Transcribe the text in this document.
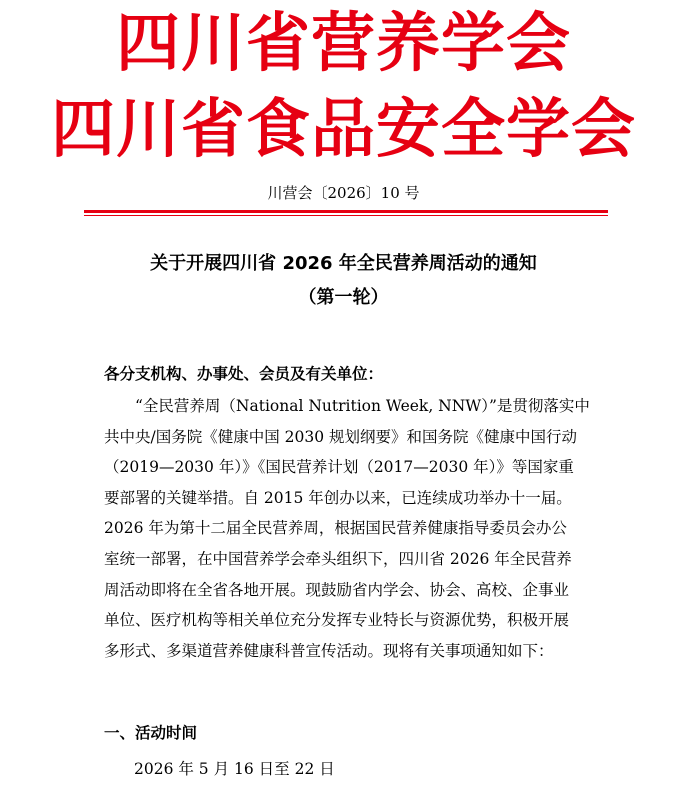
四川省营养学会
四川省食品安全学会
川营会〔2026〕10 号
关于开展四川省 2026 年全民营养周活动的通知
（第一轮）
各分支机构、办事处、会员及有关单位：
“全民营养周（National Nutrition Week, NNW）”是贯彻落实中
共中央/国务院《健康中国 2030 规划纲要》和国务院《健康中国行动
（2019—2030 年）》《国民营养计划（2017—2030 年）》等国家重
要部署的关键举措。自 2015 年创办以来，已连续成功举办十一届。
2026 年为第十二届全民营养周，根据国民营养健康指导委员会办公
室统一部署，在中国营养学会牵头组织下，四川省 2026 年全民营养
周活动即将在全省各地开展。现鼓励省内学会、协会、高校、企事业
单位、医疗机构等相关单位充分发挥专业特长与资源优势，积极开展
多形式、多渠道营养健康科普宣传活动。现将有关事项通知如下：
一、活动时间
2026 年 5 月 16 日至 22 日
